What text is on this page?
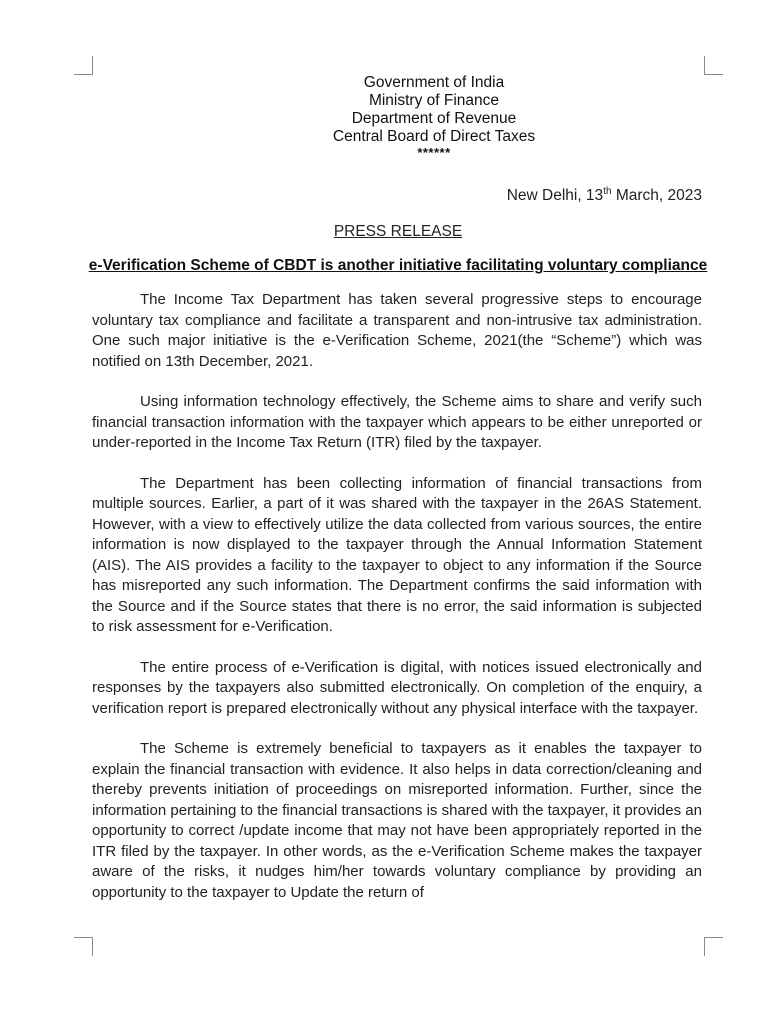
Government of India
Ministry of Finance
Department of Revenue
Central Board of Direct Taxes
******
New Delhi, 13th March, 2023
PRESS RELEASE
e-Verification Scheme of CBDT is another initiative facilitating voluntary compliance

The Income Tax Department has taken several progressive steps to encourage voluntary tax compliance and facilitate a transparent and non-intrusive tax administration. One such major initiative is the e-Verification Scheme, 2021(the “Scheme”) which was notified on 13th December, 2021.

Using information technology effectively, the Scheme aims to share and verify such financial transaction information with the taxpayer which appears to be either unreported or under-reported in the Income Tax Return (ITR) filed by the taxpayer.

The Department has been collecting information of financial transactions from multiple sources. Earlier, a part of it was shared with the taxpayer in the 26AS Statement. However, with a view to effectively utilize the data collected from various sources, the entire information is now displayed to the taxpayer through the Annual Information Statement (AIS). The AIS provides a facility to the taxpayer to object to any information if the Source has misreported any such information. The Department confirms the said information with the Source and if the Source states that there is no error, the said information is subjected to risk assessment for e-Verification.

The entire process of e-Verification is digital, with notices issued electronically and responses by the taxpayers also submitted electronically. On completion of the enquiry, a verification report is prepared electronically without any physical interface with the taxpayer.

The Scheme is extremely beneficial to taxpayers as it enables the taxpayer to explain the financial transaction with evidence. It also helps in data correction/cleaning and thereby prevents initiation of proceedings on misreported information. Further, since the information pertaining to the financial transactions is shared with the taxpayer, it provides an opportunity to correct /update income that may not have been appropriately reported in the ITR filed by the taxpayer. In other words, as the e-Verification Scheme makes the taxpayer aware of the risks, it nudges him/her towards voluntary compliance by providing an opportunity to the taxpayer to Update the return of
